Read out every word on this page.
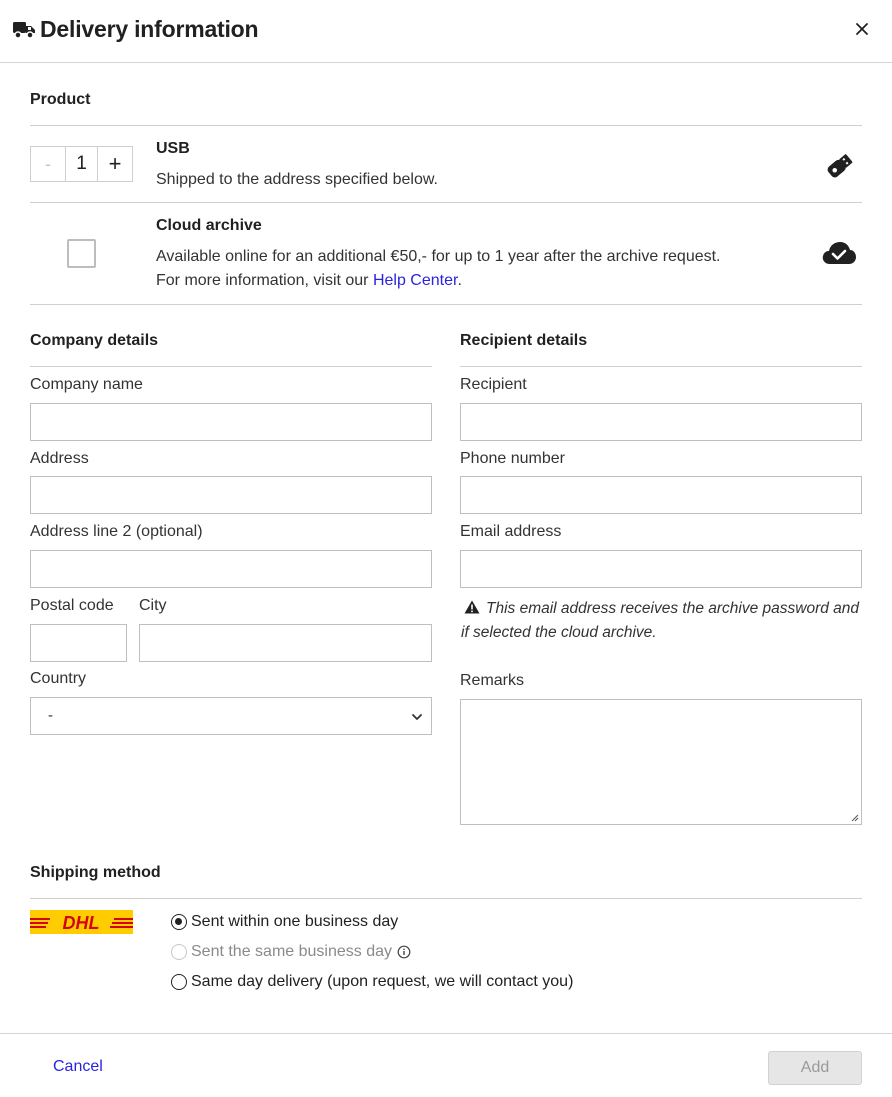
Delivery information
Product
-	1 +
USB
Shipped to the address specified below.
Cloud archive
Available online for an additional €50,- for up to 1 year after the archive request.
For more information, visit our Help Center.
Company details
Company name
Address
Address line 2 (optional)
Postal code City
Country
-
Recipient details
Recipient
Phone number
Email address
This email address receives the archive password and if selected the cloud archive.
Remarks
Shipping method
DHL	Sent within one business day
Sent the same business day
Same day delivery (upon request, we will contact you)
Cancel	Add
